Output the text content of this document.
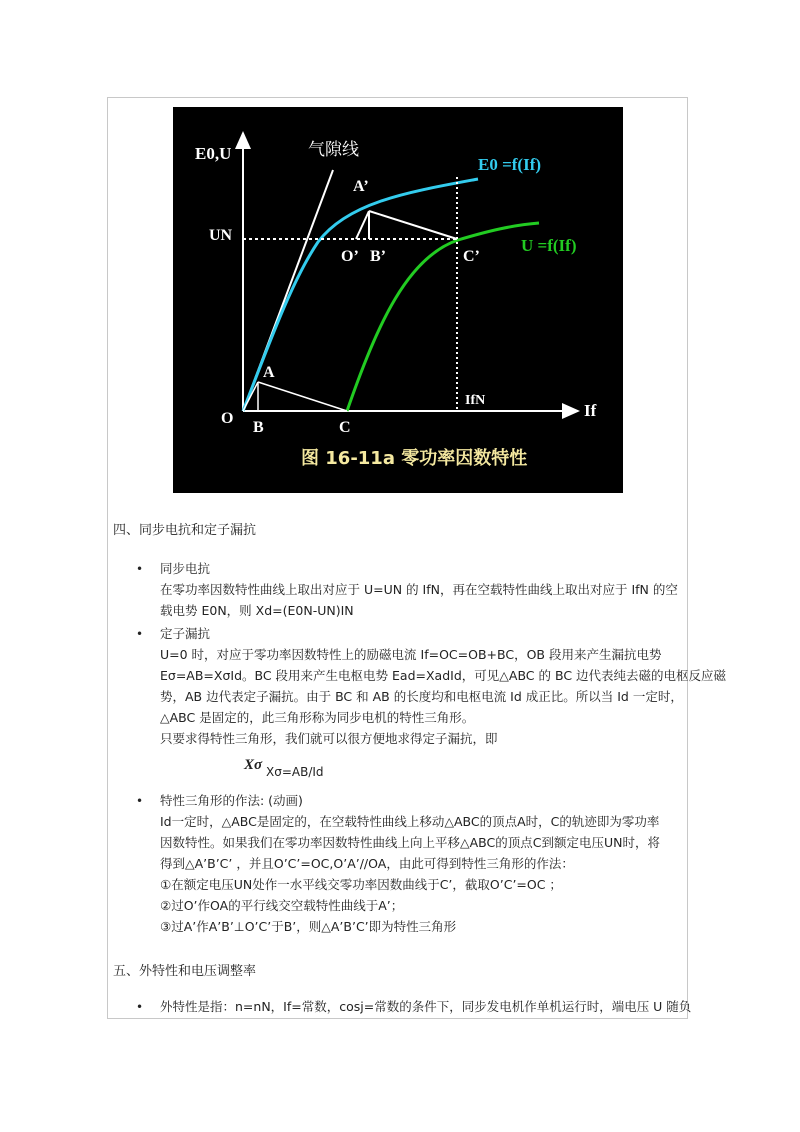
E0,U	气隙线
E0 =f(If)
U =f(If)
UN
IfN
If
O
A
B	C
A’
O’ B’	C’
图 16-11a 零功率因数特性
四、同步电抗和定子漏抗
• 同步电抗

在零功率因数特性曲线上取出对应于 U=UN 的 IfN，再在空载特性曲线上取出对应于 IfN 的空

载电势 E0N，则 Xd=(E0N-UN)IN

• 定子漏抗

U=0 时，对应于零功率因数特性上的励磁电流 If=OC=OB+BC，OB 段用来产生漏抗电势

Eσ=AB=XσId。BC 段用来产生电枢电势 Ead=XadId，可见△ABC 的 BC 边代表纯去磁的电枢反应磁

势，AB 边代表定子漏抗。由于 BC 和 AB 的长度均和电枢电流 Id 成正比。所以当 Id 一定时，

△ABC 是固定的，此三角形称为同步电机的特性三角形。

只要求得特性三角形，我们就可以很方便地求得定子漏抗，即

Xσ Xσ=AB/Id
• 特性三角形的作法: (动画)

Id一定时，△ABC是固定的，在空载特性曲线上移动△ABC的顶点A时，C的轨迹即为零功率

因数特性。如果我们在零功率因数特性曲线上向上平移△ABC的顶点C到额定电压UN时，将

得到△A’B’C’ ，并且O’C’=OC,O’A’//OA，由此可得到特性三角形的作法：

①在额定电压UN处作一水平线交零功率因数曲线于C’，截取O’C’=OC ；

②过O’作OA的平行线交空载特性曲线于A’；

③过A’作A’B’⊥O’C’于B’，则△A’B’C’即为特性三角形

五、外特性和电压调整率
• 外特性是指：n=nN，If=常数，cosj=常数的条件下，同步发电机作单机运行时，端电压 U 随负
